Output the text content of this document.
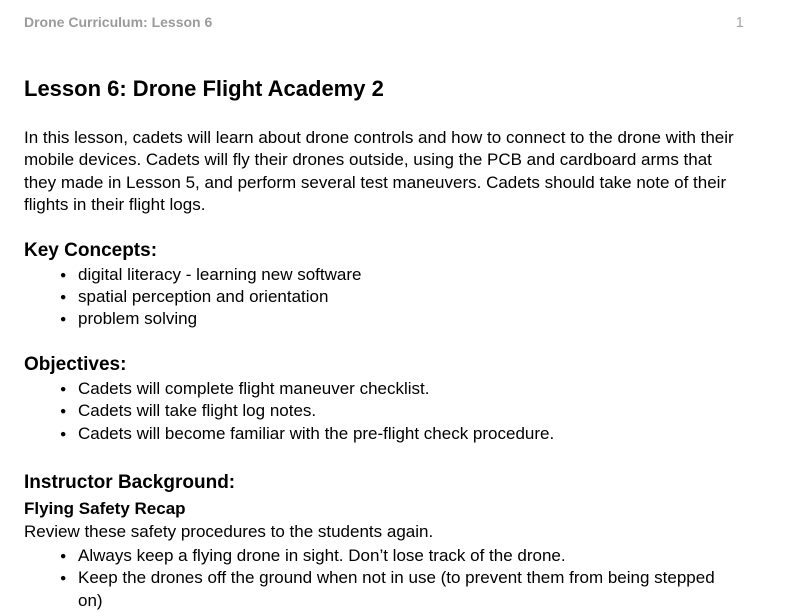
Drone Curriculum: Lesson 6	1
Lesson 6: Drone Flight Academy 2

In this lesson, cadets will learn about drone controls and how to connect to the drone with their mobile devices. Cadets will fly their drones outside, using the PCB and cardboard arms that they made in Lesson 5, and perform several test maneuvers. Cadets should take note of their flights in their flight logs.

Key Concepts:
● digital literacy - learning new software
● spatial perception and orientation
● problem solving
Objectives:
● Cadets will complete flight maneuver checklist.
● Cadets will take flight log notes.
● Cadets will become familiar with the pre-flight check procedure.
Instructor Background:
Flying Safety Recap
Review these safety procedures to the students again.
● Always keep a flying drone in sight. Don’t lose track of the drone.
● Keep the drones off the ground when not in use (to prevent them from being stepped on)
